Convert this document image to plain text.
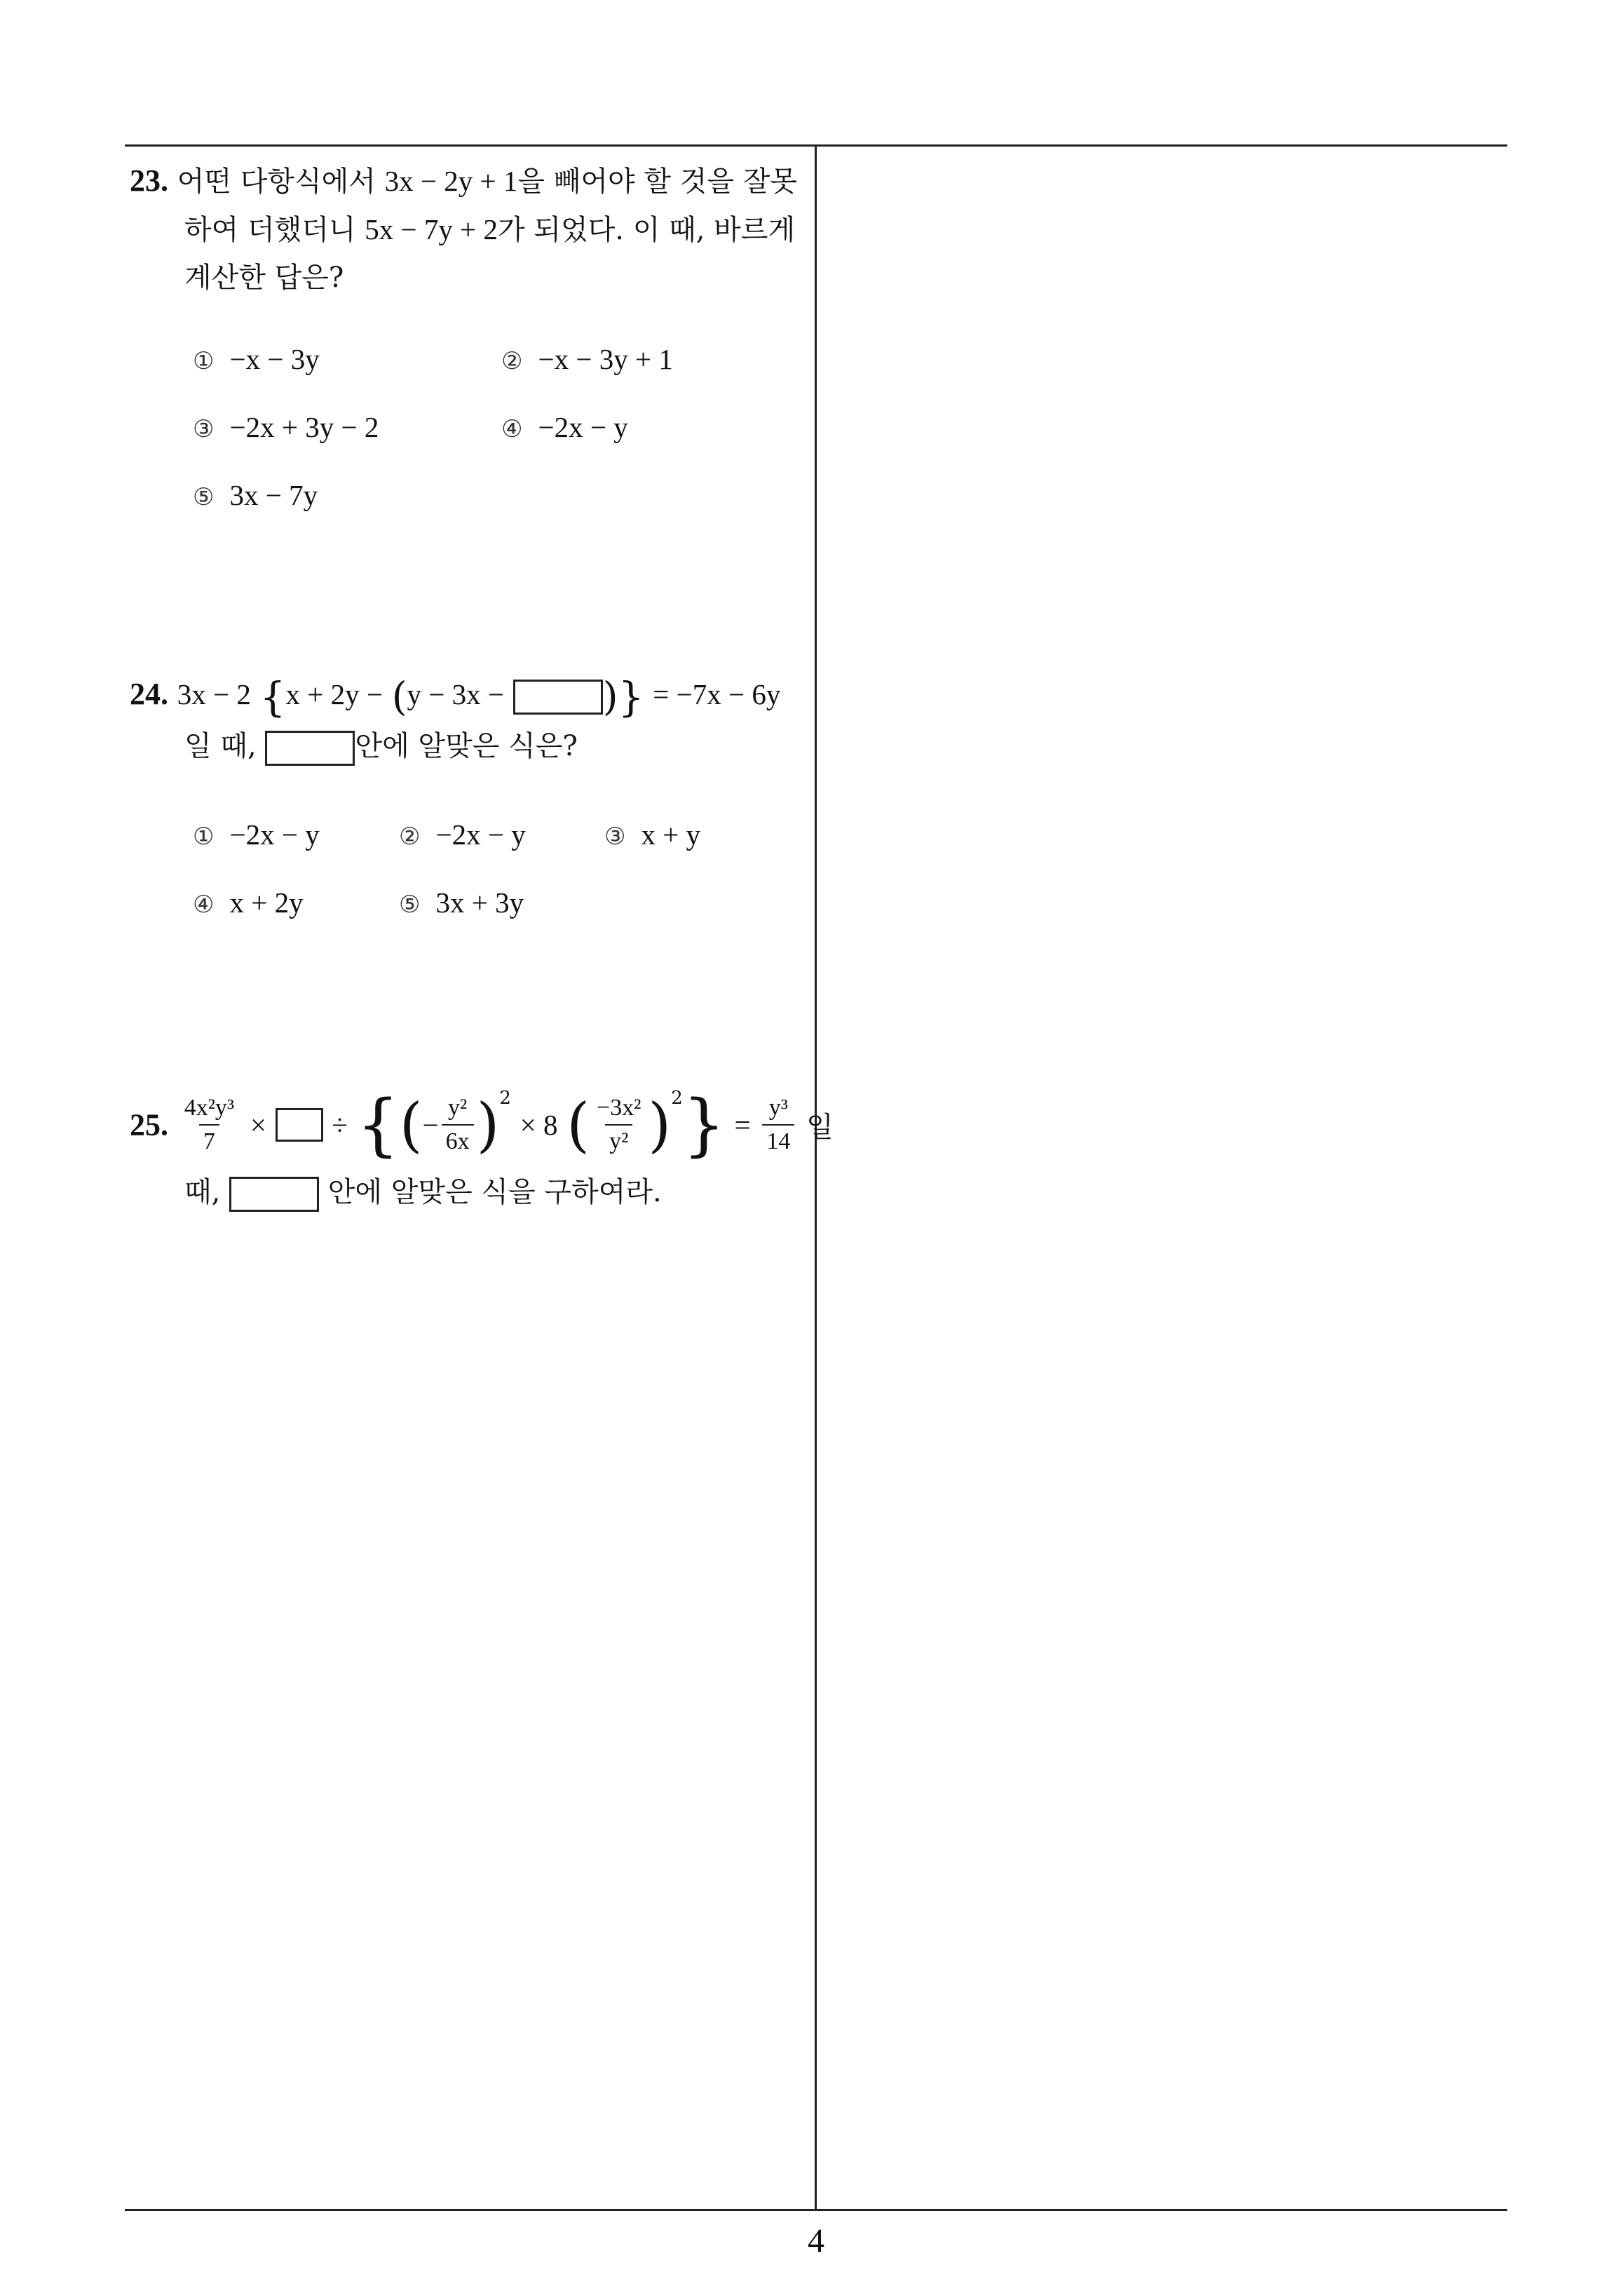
4
23. 어떤 다항식에서 3x − 2y + 1을 빼어야 할 것을 잘못
하여 더했더니 5x − 7y + 2가 되었다. 이 때, 바르게
계산한 답은?
① −x − 3y	② −x − 3y + 1
③ −2x + 3y − 2	④ −2x − y
⑤ 3x − 7y
24. 3x − 2 {x + 2y − (y − 3x −	)} = −7x − 6y
일 때,	안에 알맞은 식은?
① −2x − y	② −2x − y	③ x + y
④ x + 2y	⑤ 3x + 3y
25. $\frac{\text{4x²y³}}{7}$ × ÷ {(− $\frac{\text{y²}}{6x} )^2 \times 8$ ( $\frac{\text{−3x²}}{\text{y²}} )^2\} = \frac{\text{y³}}{14}$ 일
때,	안에 알맞은 식을 구하여라.
